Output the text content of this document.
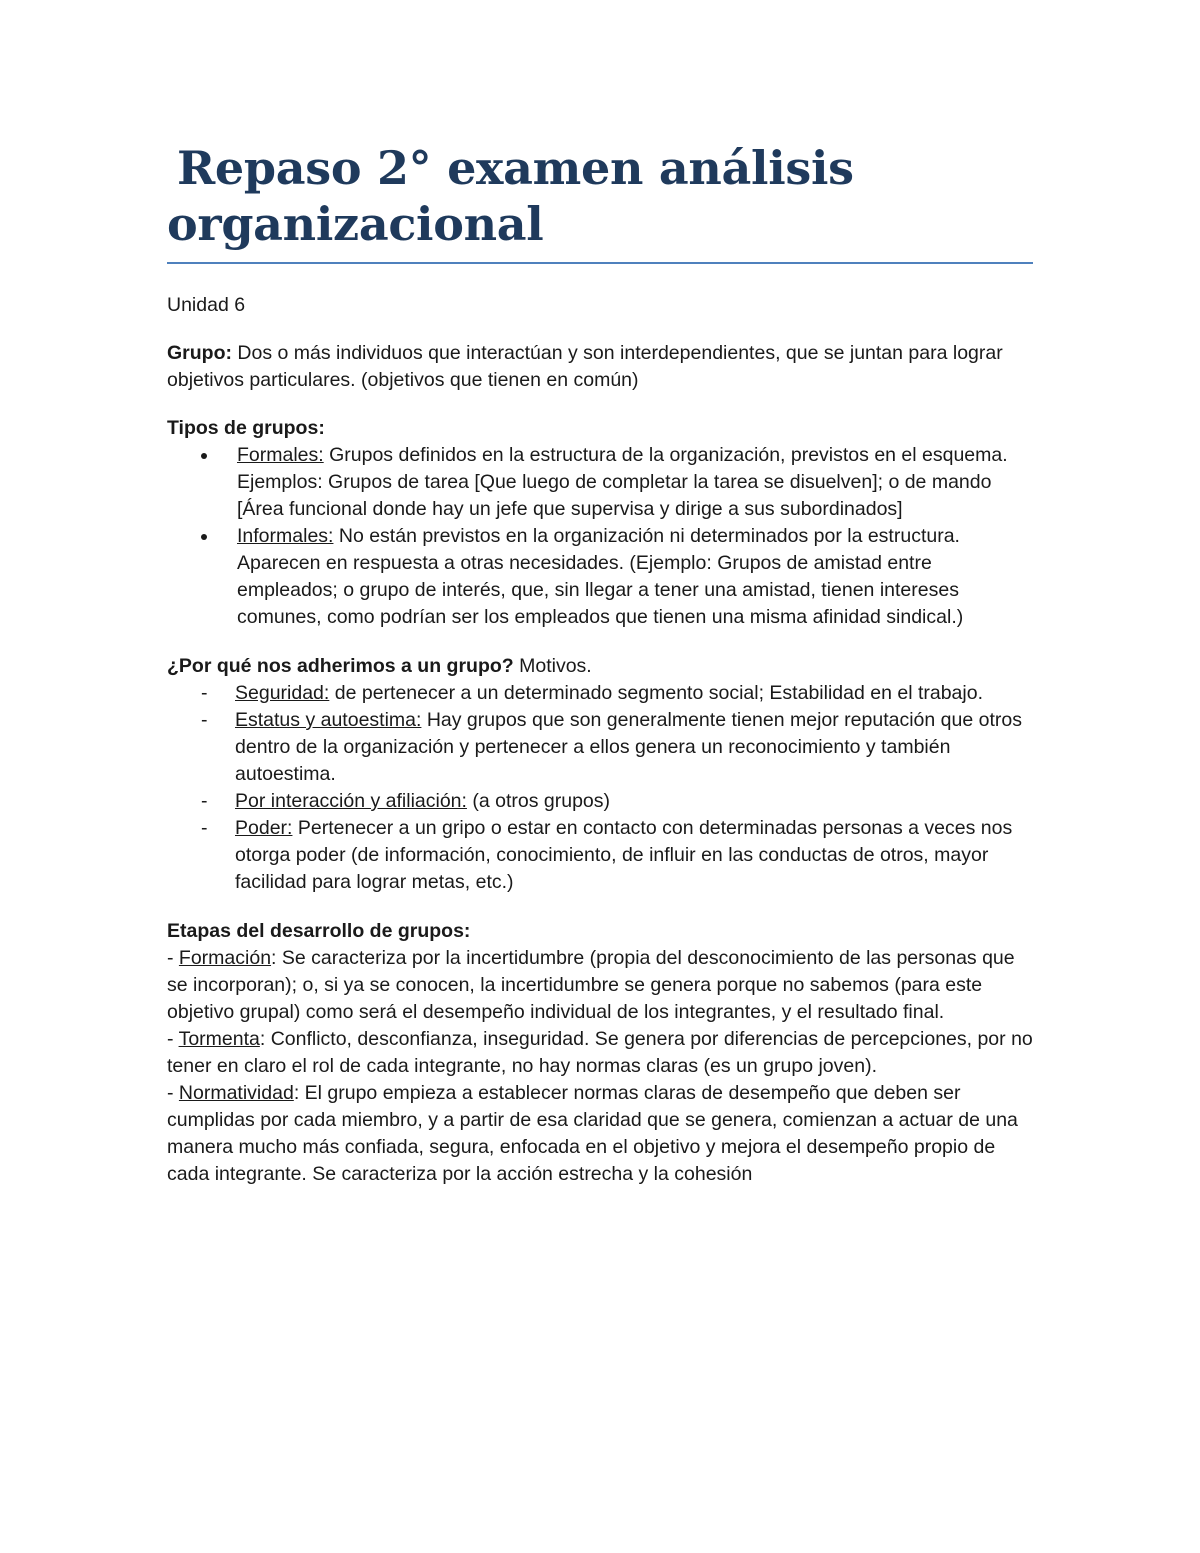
Repaso 2° examen análisis
organizacional

Unidad 6

Grupo: Dos o más individuos que interactúan y son interdependientes, que se juntan para lograr objetivos particulares. (objetivos que tienen en común)

Tipos de grupos:

Formales: Grupos definidos en la estructura de la organización, previstos en el esquema. Ejemplos: Grupos de tarea [Que luego de completar la tarea se disuelven]; o de mando [Área funcional donde hay un jefe que supervisa y dirige a sus subordinados]
Informales: No están previstos en la organización ni determinados por la estructura. Aparecen en respuesta a otras necesidades. (Ejemplo: Grupos de amistad entre empleados; o grupo de interés, que, sin llegar a tener una amistad, tienen intereses comunes, como podrían ser los empleados que tienen una misma afinidad sindical.)

¿Por qué nos adherimos a un grupo? Motivos.

- Seguridad: de pertenecer a un determinado segmento social; Estabilidad en el trabajo.
- Estatus y autoestima: Hay grupos que son generalmente tienen mejor reputación que otros dentro de la organización y pertenecer a ellos genera un reconocimiento y también autoestima.
- Por interacción y afiliación: (a otros grupos)
- Poder: Pertenecer a un gripo o estar en contacto con determinadas personas a veces nos otorga poder (de información, conocimiento, de influir en las conductas de otros, mayor facilidad para lograr metas, etc.)

Etapas del desarrollo de grupos:

- Formación: Se caracteriza por la incertidumbre (propia del desconocimiento de las personas que se incorporan); o, si ya se conocen, la incertidumbre se genera porque no sabemos (para este objetivo grupal) como será el desempeño individual de los integrantes, y el resultado final.

- Tormenta: Conflicto, desconfianza, inseguridad. Se genera por diferencias de percepciones, por no tener en claro el rol de cada integrante, no hay normas claras (es un grupo joven).

- Normatividad: El grupo empieza a establecer normas claras de desempeño que deben ser cumplidas por cada miembro, y a partir de esa claridad que se genera, comienzan a actuar de una manera mucho más confiada, segura, enfocada en el objetivo y mejora el desempeño propio de cada integrante. Se caracteriza por la acción estrecha y la cohesión
